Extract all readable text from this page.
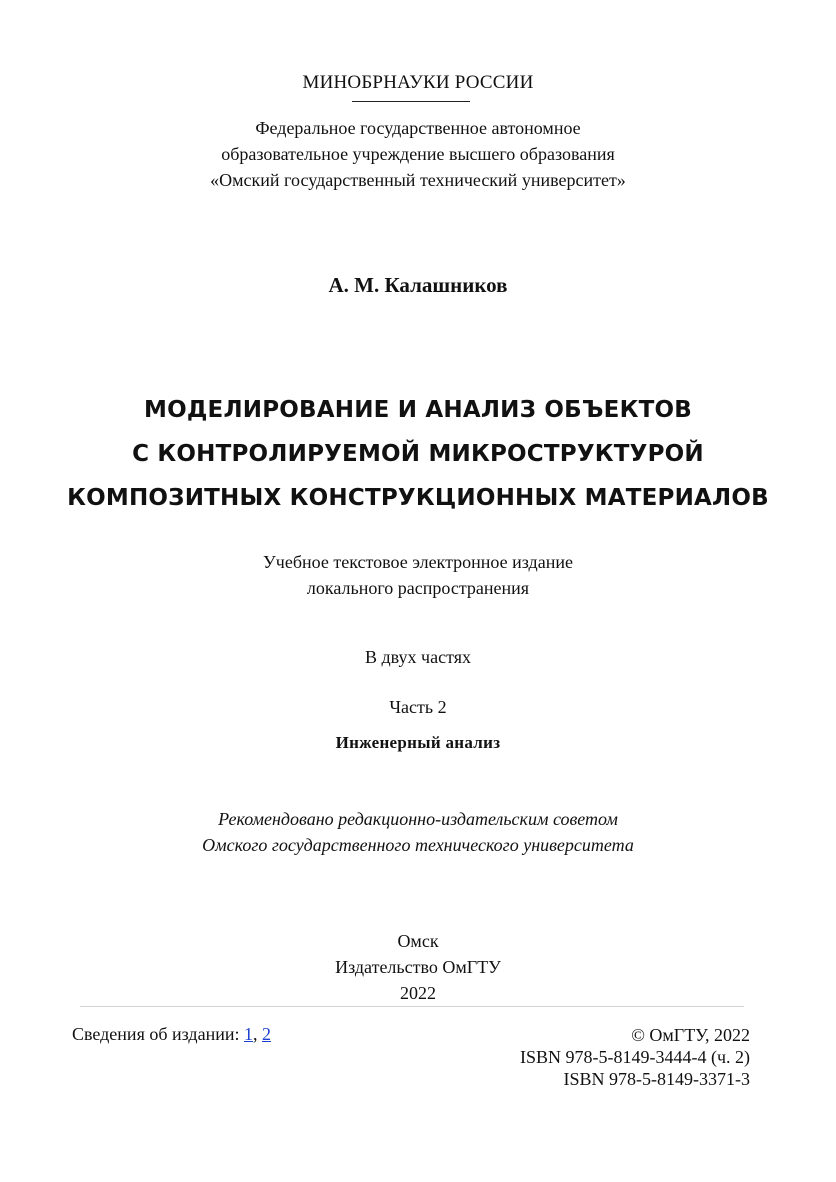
МИНОБРНАУКИ РОССИИ
Федеральное государственное автономное
образовательное учреждение высшего образования
«Омский государственный технический университет»
А. М. Калашников
МОДЕЛИРОВАНИЕ И АНАЛИЗ ОБЪЕКТОВ
С КОНТРОЛИРУЕМОЙ МИКРОСТРУКТУРОЙ
КОМПОЗИТНЫХ КОНСТРУКЦИОННЫХ МАТЕРИАЛОВ
Учебное текстовое электронное издание
локального распространения
В двух частях
Часть 2
Инженерный анализ
Рекомендовано редакционно-издательским советом
Омского государственного технического университета
Омск
Издательство ОмГТУ
2022
Сведения об издании: 1, 2	© ОмГТУ, 2022
ISBN 978-5-8149-3444-4 (ч. 2)
ISBN 978-5-8149-3371-3
